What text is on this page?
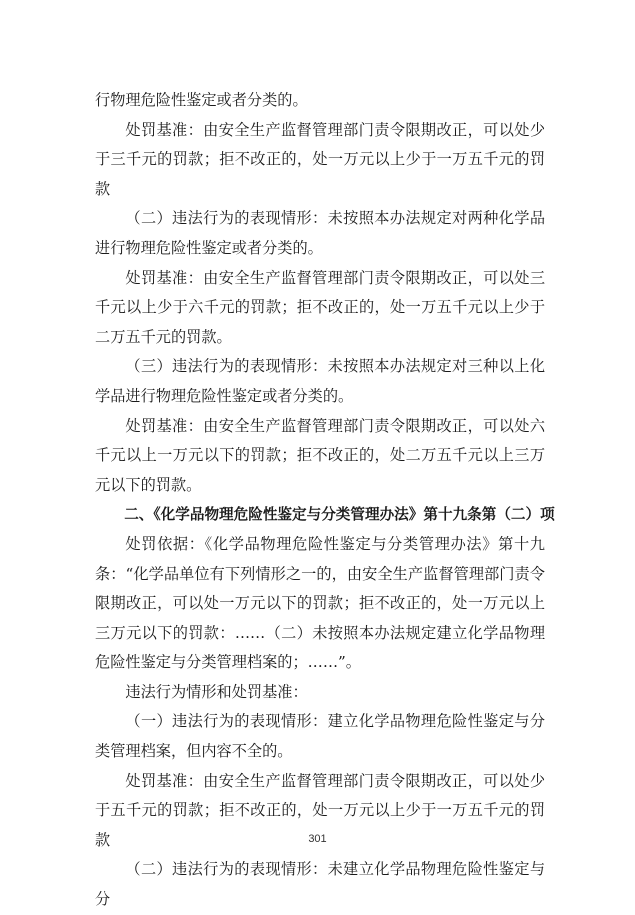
行物理危险性鉴定或者分类的。

处罚基准：由安全生产监督管理部门责令限期改正，可以处少于三千元的罚款；拒不改正的，处一万元以上少于一万五千元的罚款

（二）违法行为的表现情形：未按照本办法规定对两种化学品进行物理危险性鉴定或者分类的。

处罚基准：由安全生产监督管理部门责令限期改正，可以处三千元以上少于六千元的罚款；拒不改正的，处一万五千元以上少于二万五千元的罚款。

（三）违法行为的表现情形：未按照本办法规定对三种以上化学品进行物理危险性鉴定或者分类的。

处罚基准：由安全生产监督管理部门责令限期改正，可以处六千元以上一万元以下的罚款；拒不改正的，处二万五千元以上三万元以下的罚款。

二、《化学品物理危险性鉴定与分类管理办法》第十九条第（二）项

处罚依据：《化学品物理危险性鉴定与分类管理办法》第十九条：“化学品单位有下列情形之一的，由安全生产监督管理部门责令限期改正，可以处一万元以下的罚款；拒不改正的，处一万元以上三万元以下的罚款：……（二）未按照本办法规定建立化学品物理危险性鉴定与分类管理档案的；……”。

违法行为情形和处罚基准：

（一）违法行为的表现情形：建立化学品物理危险性鉴定与分类管理档案，但内容不全的。

处罚基准：由安全生产监督管理部门责令限期改正，可以处少于五千元的罚款；拒不改正的，处一万元以上少于一万五千元的罚款

（二）违法行为的表现情形：未建立化学品物理危险性鉴定与分

301
